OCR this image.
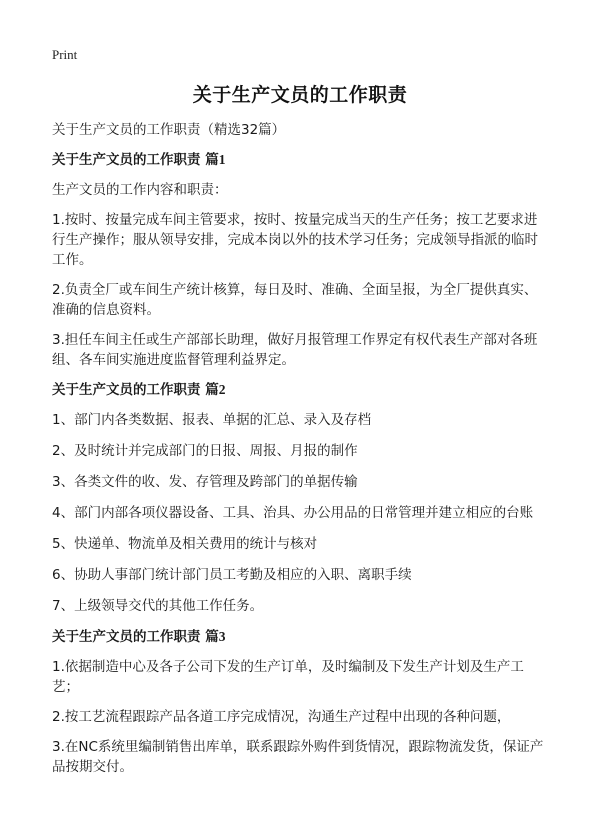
Print
关于生产文员的工作职责

关于生产文员的工作职责（精选32篇）

关于生产文员的工作职责 篇1

生产文员的工作内容和职责：

1.按时、按量完成车间主管要求，按时、按量完成当天的生产任务；按工艺要求进行生产操作；服从领导安排，完成本岗以外的技术学习任务；完成领导指派的临时工作。

2.负责全厂或车间生产统计核算，每日及时、准确、全面呈报，为全厂提供真实、准确的信息资料。

3.担任车间主任或生产部部长助理，做好月报管理工作界定有权代表生产部对各班组、各车间实施进度监督管理利益界定。

关于生产文员的工作职责 篇2

1、部门内各类数据、报表、单据的汇总、录入及存档

2、及时统计并完成部门的日报、周报、月报的制作

3、各类文件的收、发、存管理及跨部门的单据传输

4、部门内部各项仪器设备、工具、治具、办公用品的日常管理并建立相应的台账

5、快递单、物流单及相关费用的统计与核对

6、协助人事部门统计部门员工考勤及相应的入职、离职手续

7、上级领导交代的其他工作任务。

关于生产文员的工作职责 篇3

1.依据制造中心及各子公司下发的生产订单，及时编制及下发生产计划及生产工艺；

2.按工艺流程跟踪产品各道工序完成情况，沟通生产过程中出现的各种问题，

3.在NC系统里编制销售出库单，联系跟踪外购件到货情况，跟踪物流发货，保证产品按期交付。
